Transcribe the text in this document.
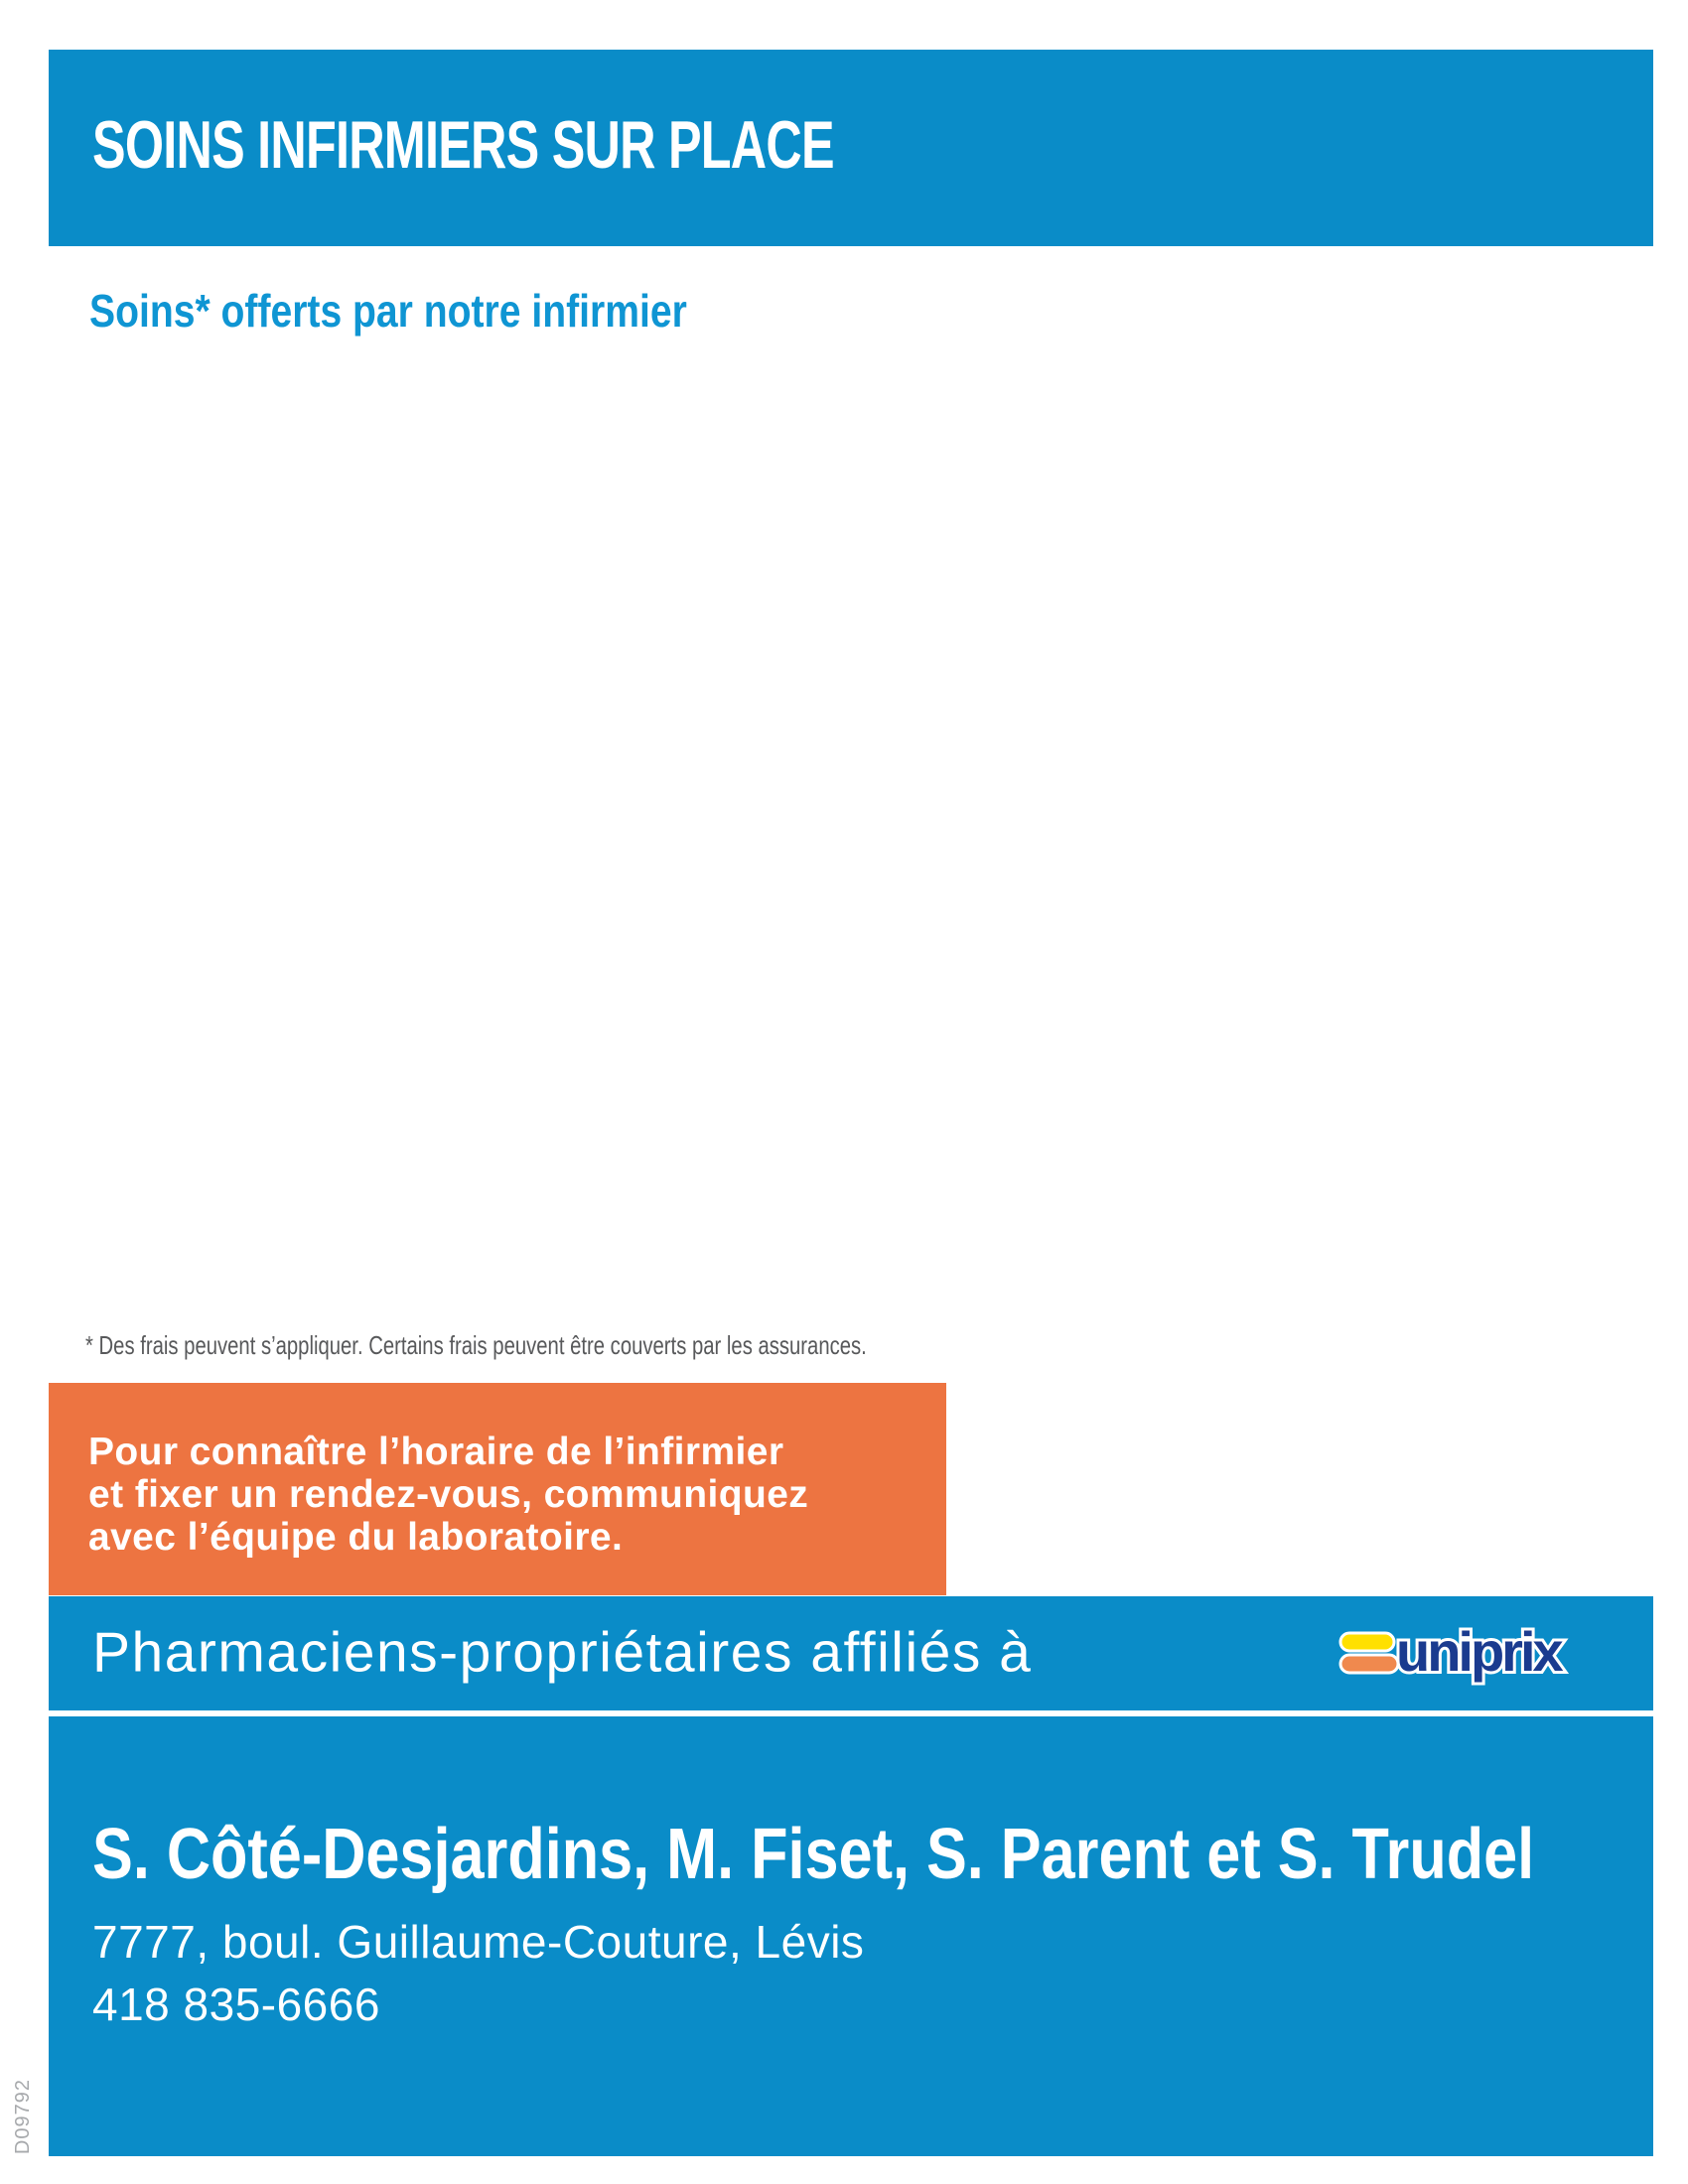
SOINS INFIRMIERS SUR PLACE
Soins* offerts par notre infirmier
* Des frais peuvent s’appliquer. Certains frais peuvent être couverts par les assurances.
Pour connaître l’horaire de l’infirmier
et fixer un rendez-vous, communiquez
avec l’équipe du laboratoire.
Pharmaciens-propriétaires affiliés à	uniprix
S. Côté-Desjardins, M. Fiset, S. Parent et S. Trudel
7777, boul. Guillaume-Couture, Lévis
418 835-6666
D09792
